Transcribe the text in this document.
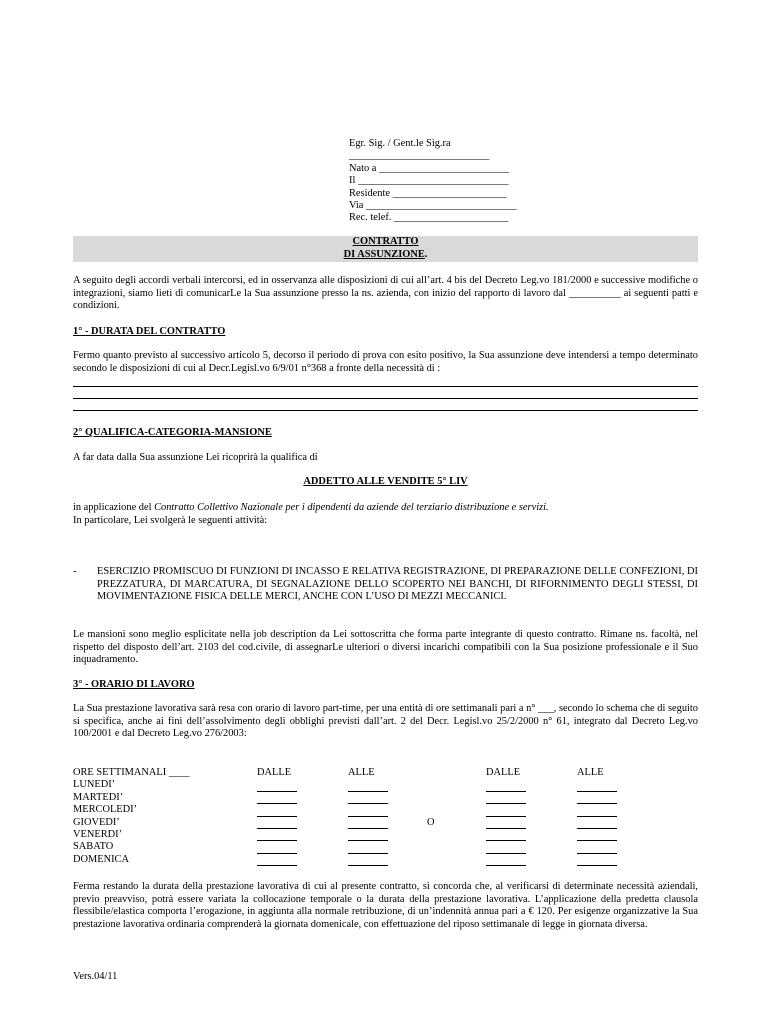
Egr. Sig. / Gent.le Sig.ra
___________________________
Nato a _________________________
Il _____________________________
Residente ______________________
Via _____________________________
Rec. telef. ______________________
CONTRATTO
DI ASSUNZIONE.

A seguito degli accordi verbali intercorsi, ed in osservanza alle disposizioni di cui all’art. 4 bis del Decreto Leg.vo 181/2000 e successive modifiche o integrazioni, siamo lieti di comunicarLe la Sua assunzione presso la ns. azienda, con inizio del rapporto di lavoro dal __________ ai seguenti patti e condizioni.

1° - DURATA DEL CONTRATTO

Fermo quanto previsto al successivo articolo 5, decorso il periodo di prova con esito positivo, la Sua assunzione deve intendersi a tempo determinato secondo le disposizioni di cui al Decr.Legisl.vo 6/9/01 n°368 a fronte della necessità di :

2° QUALIFICA-CATEGORIA-MANSIONE

A far data dalla Sua assunzione Lei ricoprirà la qualifica di

ADDETTO ALLE VENDITE 5° LIV

in applicazione del Contratto Collettivo Nazionale per i dipendenti da aziende del terziario distribuzione e servizi.

In particolare, Lei svolgerà le seguenti attività:

- ESERCIZIO PROMISCUO DI FUNZIONI DI INCASSO E RELATIVA REGISTRAZIONE, DI PREPARAZIONE DELLE CONFEZIONI, DI PREZZATURA, DI MARCATURA, DI SEGNALAZIONE DELLO SCOPERTO NEI BANCHI, DI RIFORNIMENTO DEGLI STESSI, DI MOVIMENTAZIONE FISICA DELLE MERCI, ANCHE CON L’USO DI MEZZI MECCANICI.

Le mansioni sono meglio esplicitate nella job description da Lei sottoscritta che forma parte integrante di questo contratto. Rimane ns. facoltà, nel rispetto del disposto dell’art. 2103 del cod.civile, di assegnarLe ulteriori o diversi incarichi compatibili con la Sua posizione professionale e il Suo inquadramento.

3° - ORARIO DI LAVORO

La Sua prestazione lavorativa sarà resa con orario di lavoro part-time, per una entità di ore settimanali pari a n° ___, secondo lo schema che di seguito si specifica, anche ai fini dell’assolvimento degli obblighi previsti dall’art. 2 del Decr. Legisl.vo 25/2/2000 n° 61, integrato dal Decreto Leg.vo 100/2001 e dal Decreto Leg.vo 276/2003:

ORE SETTIMANALI ____
LUNEDI’
MARTEDI’
MERCOLEDI’
GIOVEDI’
VENERDI’
SABATO
DOMENICA
DALLE	ALLE
O
DALLE	ALLE

Ferma restando la durata della prestazione lavorativa di cui al presente contratto, si concorda che, al verificarsi di determinate necessità aziendali, previo preavviso, potrà essere variata la collocazione temporale o la durata della prestazione lavorativa. L’applicazione della predetta clausola flessibile/elastica comporta l’erogazione, in aggiunta alla normale retribuzione, di un’indennità annua pari a € 120. Per esigenze organizzative la Sua prestazione lavorativa ordinaria comprenderà la giornata domenicale, con effettuazione del riposo settimanale di legge in giornata diversa.

Vers.04/11
